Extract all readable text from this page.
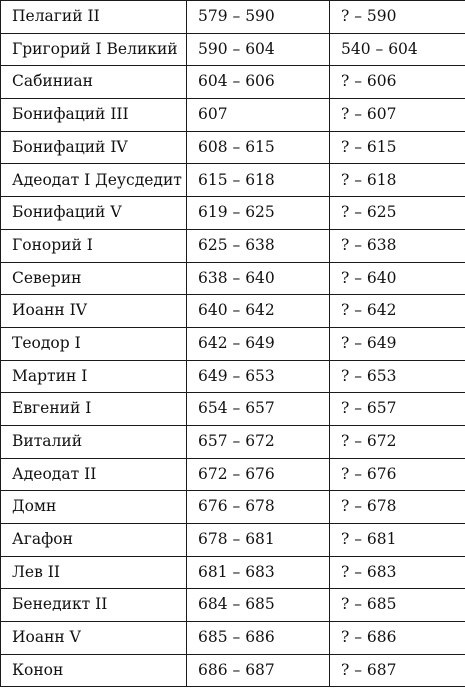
Пелагий II	579 – 590	? – 590
Григорий I Великий	590 – 604	540 – 604
Сабиниан	604 – 606	? – 606
Бонифаций III	607	? – 607
Бонифаций IV	608 – 615	? – 615
Адеодат I Деусдедит	615 – 618	? – 618
Бонифаций V	619 – 625	? – 625
Гонорий I	625 – 638	? – 638
Северин	638 – 640	? – 640
Иоанн IV	640 – 642	? – 642
Теодор I	642 – 649	? – 649
Мартин I	649 – 653	? – 653
Евгений I	654 – 657	? – 657
Виталий	657 – 672	? – 672
Адеодат II	672 – 676	? – 676
Домн	676 – 678	? – 678
Агафон	678 – 681	? – 681
Лев II	681 – 683	? – 683
Бенедикт II	684 – 685	? – 685
Иоанн V	685 – 686	? – 686
Конон	686 – 687	? – 687
